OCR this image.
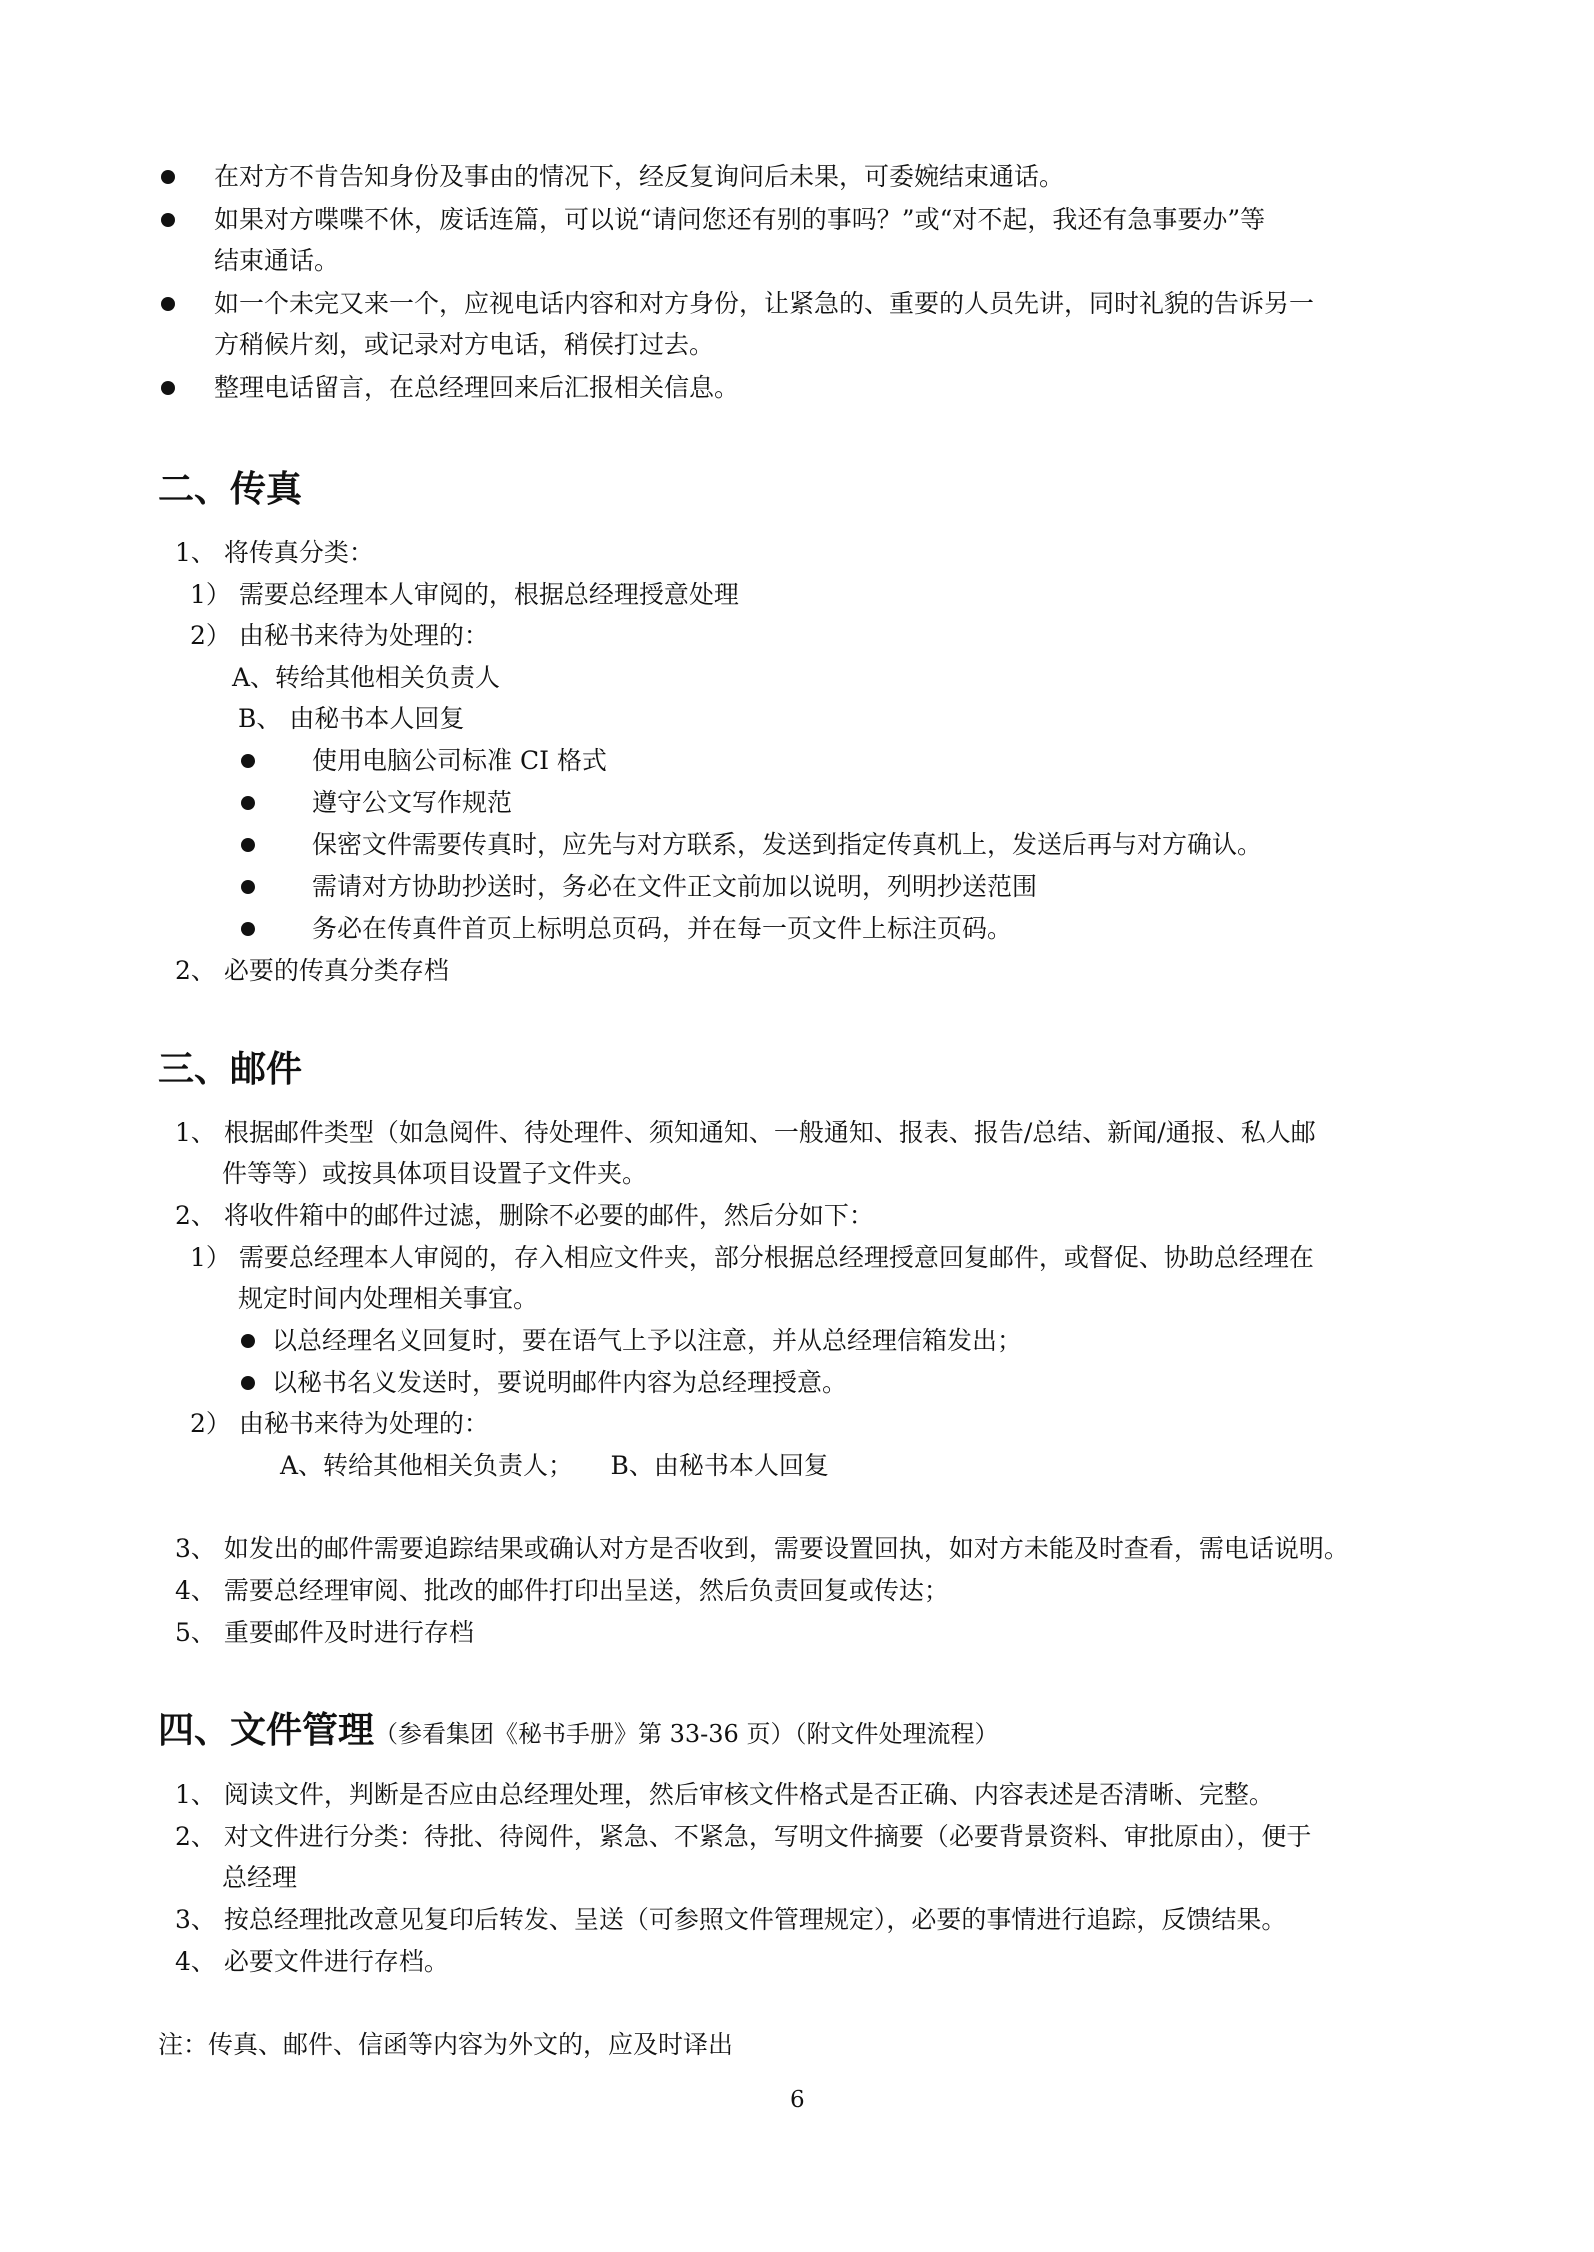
在对方不肯告知身份及事由的情况下，经反复询问后未果，可委婉结束通话。
如果对方喋喋不休，废话连篇，可以说“请问您还有别的事吗？”或“对不起，我还有急事要办”等
结束通话。
如一个未完又来一个，应视电话内容和对方身份，让紧急的、重要的人员先讲，同时礼貌的告诉另一
方稍候片刻，或记录对方电话，稍侯打过去。
整理电话留言，在总经理回来后汇报相关信息。
二、传真
1、 将传真分类：
1） 需要总经理本人审阅的，根据总经理授意处理
2） 由秘书来待为处理的：
A、转给其他相关负责人
B、 由秘书本人回复
使用电脑公司标准 CI 格式
遵守公文写作规范
保密文件需要传真时，应先与对方联系，发送到指定传真机上，发送后再与对方确认。
需请对方协助抄送时，务必在文件正文前加以说明，列明抄送范围
务必在传真件首页上标明总页码，并在每一页文件上标注页码。
2、 必要的传真分类存档
三、邮件
1、 根据邮件类型（如急阅件、待处理件、须知通知、一般通知、报表、报告/总结、新闻/通报、私人邮
件等等）或按具体项目设置子文件夹。
2、 将收件箱中的邮件过滤，删除不必要的邮件，然后分如下：
1） 需要总经理本人审阅的，存入相应文件夹，部分根据总经理授意回复邮件，或督促、协助总经理在
规定时间内处理相关事宜。
以总经理名义回复时，要在语气上予以注意，并从总经理信箱发出；
以秘书名义发送时，要说明邮件内容为总经理授意。
2） 由秘书来待为处理的：
A、转给其他相关负责人；　　B、由秘书本人回复
3、 如发出的邮件需要追踪结果或确认对方是否收到，需要设置回执，如对方未能及时查看，需电话说明。
4、 需要总经理审阅、批改的邮件打印出呈送，然后负责回复或传达；
5、 重要邮件及时进行存档
四、文件管理（参看集团《秘书手册》第 33-36 页）（附文件处理流程）
1、 阅读文件，判断是否应由总经理处理，然后审核文件格式是否正确、内容表述是否清晰、完整。
2、 对文件进行分类：待批、待阅件，紧急、不紧急，写明文件摘要（必要背景资料、审批原由），便于
总经理
3、 按总经理批改意见复印后转发、呈送（可参照文件管理规定），必要的事情进行追踪，反馈结果。
4、 必要文件进行存档。
注：传真、邮件、信函等内容为外文的，应及时译出
6
